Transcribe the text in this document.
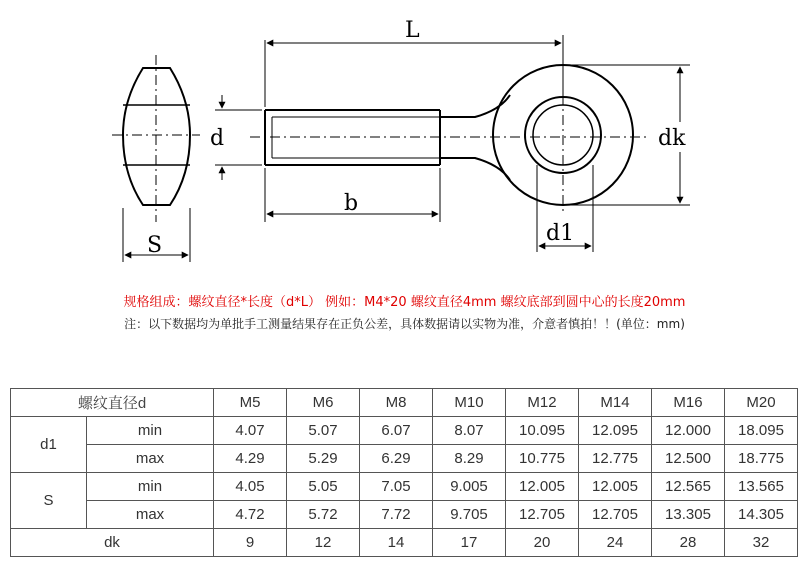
S
L
b
d	dk
d1
规格组成：螺纹直径*长度（d*L） 例如：M4*20 螺纹直径4mm 螺纹底部到圆中心的长度20mm
注：以下数据均为单批手工测量结果存在正负公差，具体数据请以实物为准，介意者慎拍！！(单位：mm)
螺纹直径d		M5	M6	M8	M10	M12	M14	M16	M20
d1	min	4.07	5.07	6.07	8.07	10.095	12.095	12.000	18.095
	max	4.29	5.29	6.29	8.29	10.775	12.775	12.500	18.775
S	min	4.05	5.05	7.05	9.005	12.005	12.005	12.565	13.565
	max	4.72	5.72	7.72	9.705	12.705	12.705	13.305	14.305
dk		9	12	14	17	20	24	28	32
